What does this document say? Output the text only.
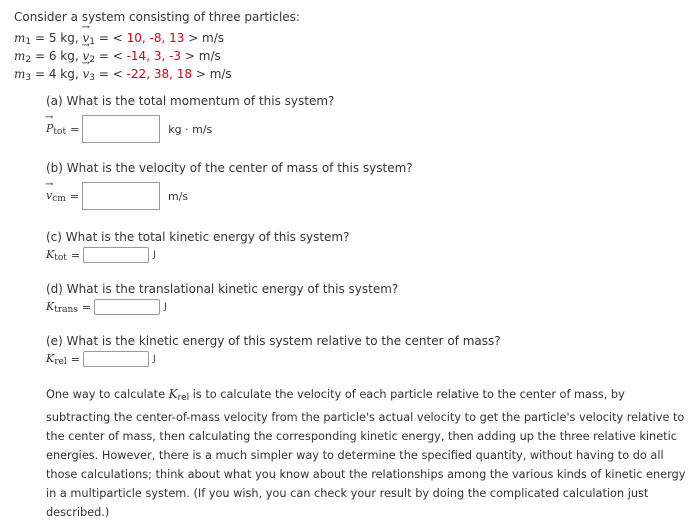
Consider a system consisting of three particles:
$m_1 = 5$ kg, → $v_1$ = < 10, -8, 13 > m/s
$m_2 = 6$ kg, → $v_2$ = < -14, 3, -3 > m/s
$m_3 = 4$ kg, → $v_3$ = < -22, 38, 18 > m/s
(a) What is the total momentum of this system?
→ $P_{tot}$ =	kg · m/s
(b) What is the velocity of the center of mass of this system?
→ $v_{cm}$ =	m/s
(c) What is the total kinetic energy of this system?
$K_{tot}$ =	J
(d) What is the translational kinetic energy of this system?
$K_{trans}$ =	J
(e) What is the kinetic energy of this system relative to the center of mass?
$K_{rel}$ =	J
One way to calculate $K_{rel}$ is to calculate the velocity of each particle relative to the center of mass, by subtracting the center-of-mass velocity from the particle's actual velocity to get the particle's velocity relative to the center of mass, then calculating the corresponding kinetic energy, then adding up the three relative kinetic energies. However, there is a much simpler way to determine the specified quantity, without having to do all those calculations; think about what you know about the relationships among the various kinds of kinetic energy in a multiparticle system. (If you wish, you can check your result by doing the complicated calculation just described.)
